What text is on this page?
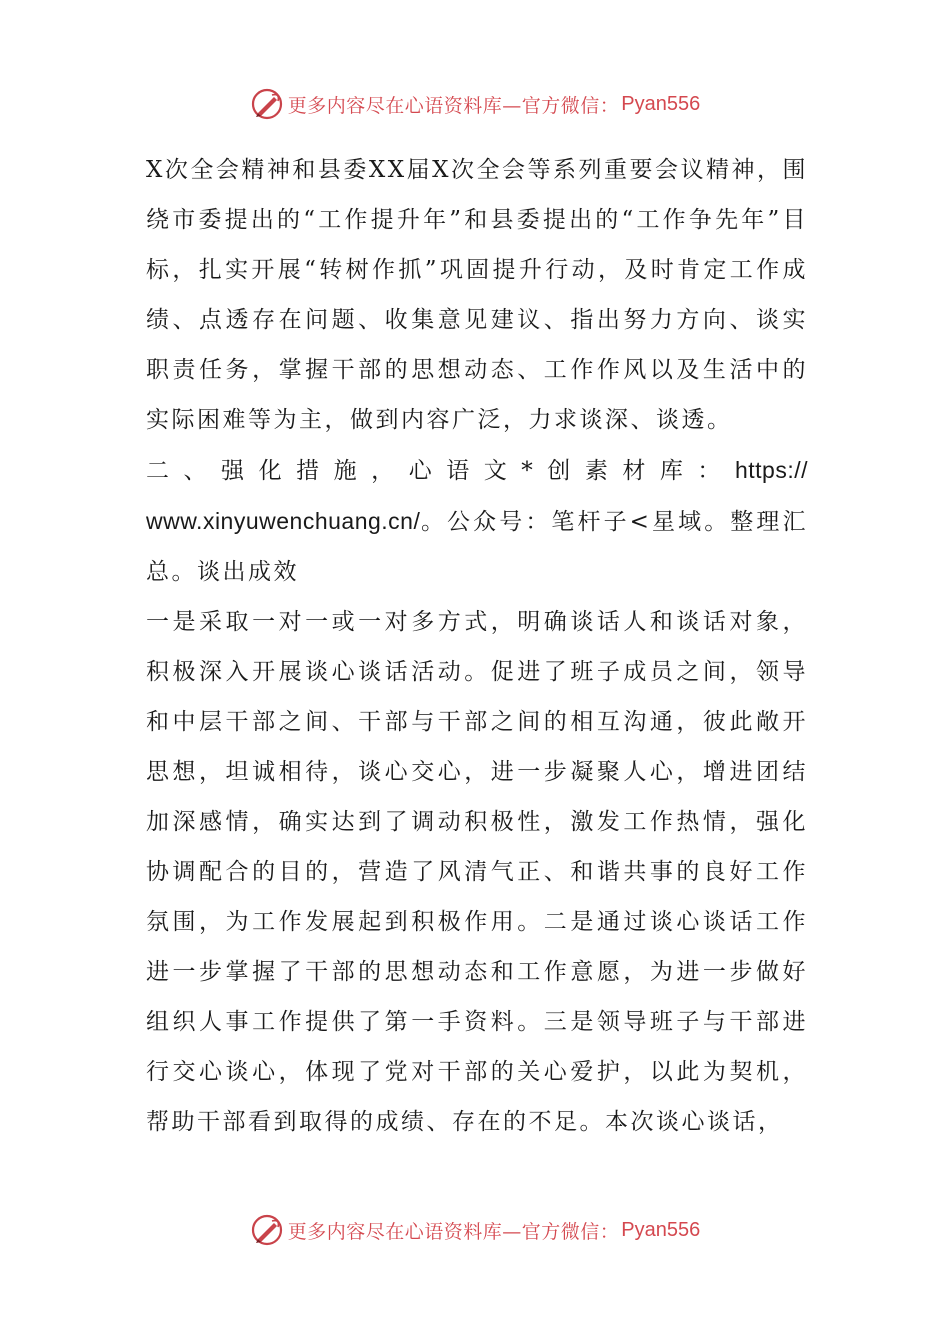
更多内容尽在心语资料库—官方微信： Pyan556

X次全会精神和县委XX届X次全会等系列重要会议精神，围绕市委提出的“工作提升年”和县委提出的“工作争先年”目标，扎实开展“转树作抓”巩固提升行动，及时肯定工作成绩、点透存在问题、收集意见建议、指出努力方向、谈实职责任务，掌握干部的思想动态、工作作风以及生活中的实际困难等为主，做到内容广泛，力求谈深、谈透。

二、强化措施，心语文*创素材库：https://

www.xinyuwenchuang.cn/。公众号：笔杆子<星域。整理汇

总。谈出成效

一是采取一对一或一对多方式，明确谈话人和谈话对象，积极深入开展谈心谈话活动。促进了班子成员之间，领导和中层干部之间、干部与干部之间的相互沟通，彼此敞开思想，坦诚相待，谈心交心，进一步凝聚人心，增进团结加深感情，确实达到了调动积极性，激发工作热情，强化协调配合的目的，营造了风清气正、和谐共事的良好工作氛围，为工作发展起到积极作用。二是通过谈心谈话工作进一步掌握了干部的思想动态和工作意愿，为进一步做好组织人事工作提供了第一手资料。三是领导班子与干部进行交心谈心，体现了党对干部的关心爱护，以此为契机，帮助干部看到取得的成绩、存在的不足。本次谈心谈话，

更多内容尽在心语资料库—官方微信： Pyan556
